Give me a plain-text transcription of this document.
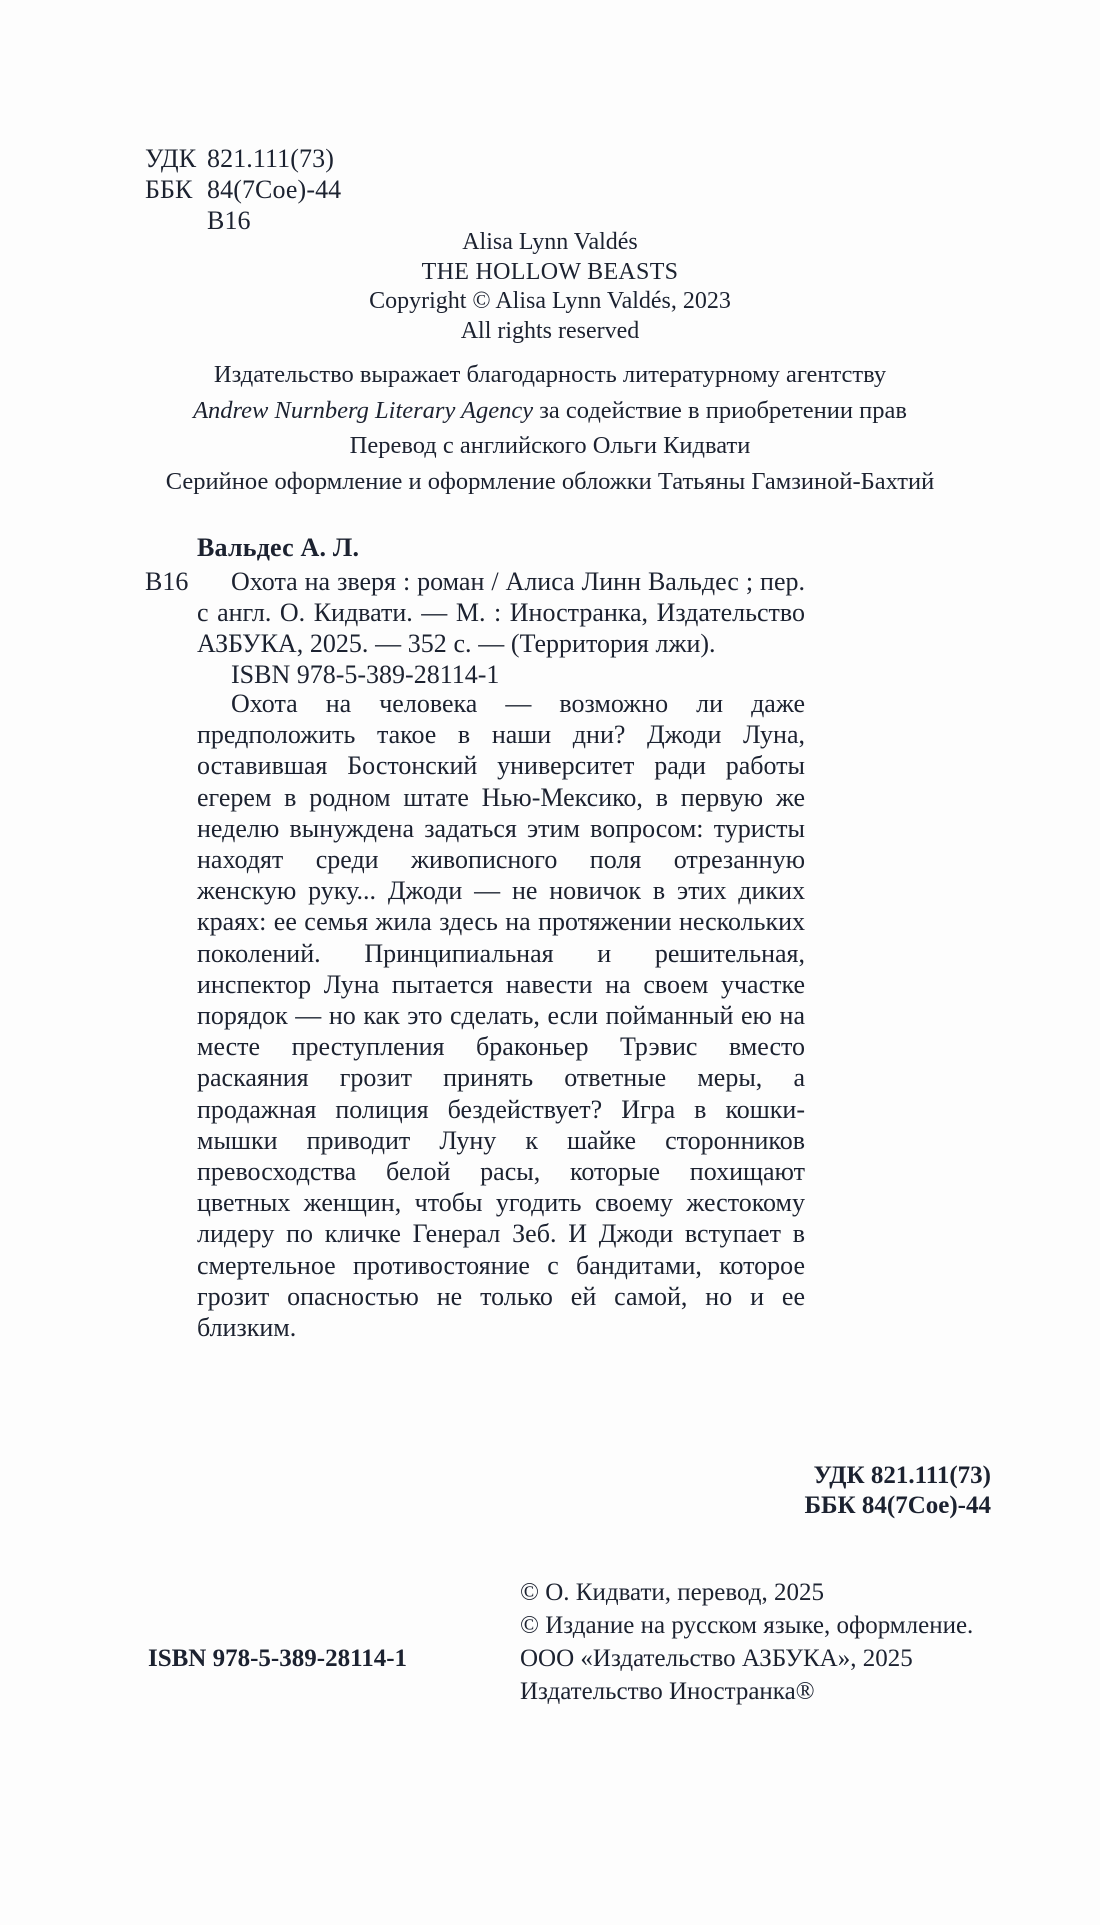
УДК 821.111(73)
ББК 84(7Сое)-44
В16
Alisa Lynn Valdés
THE HOLLOW BEASTS
Copyright © Alisa Lynn Valdés, 2023
All rights reserved
Издательство выражает благодарность литературному агентству
Andrew Nurnberg Literary Agency за содействие в приобретении прав
Перевод с английского Ольги Кидвати
Серийное оформление и оформление обложки Татьяны Гамзиной-Бахтий
Вальдес А. Л.
В16	Охота на зверя : роман / Алиса Линн Вальдес ; пер. с англ. О. Кидвати. — М. : Иностранка, Издательство АЗБУКА, 2025. — 352 с. — (Территория лжи).
ISBN 978-5-389-28114-1
Охота на человека — возможно ли даже предположить такое в наши дни? Джоди Луна, оставившая Бостонский университет ради работы егерем в родном штате Нью-Мексико, в первую же неделю вынуждена задаться этим вопросом: туристы находят среди живописного поля отрезанную женскую руку... Джоди — не новичок в этих диких краях: ее семья жила здесь на протяжении нескольких поколений. Принципиальная и решительная, инспектор Луна пытается навести на своем участке порядок — но как это сделать, если пойманный ею на месте преступления браконьер Трэвис вместо раскаяния грозит принять ответные меры, а продажная полиция бездействует? Игра в кошки-мышки приводит Луну к шайке сторонников превосходства белой расы, которые похищают цветных женщин, чтобы угодить своему жестокому лидеру по кличке Генерал Зеб. И Джоди вступает в смертельное противостояние с бандитами, которое грозит опасностью не только ей самой, но и ее близким.
УДК 821.111(73)
ББК 84(7Сое)-44
© О. Кидвати, перевод, 2025
© Издание на русском языке, оформление.
ООО «Издательство АЗБУКА», 2025
Издательство Иностранка®
ISBN 978-5-389-28114-1
